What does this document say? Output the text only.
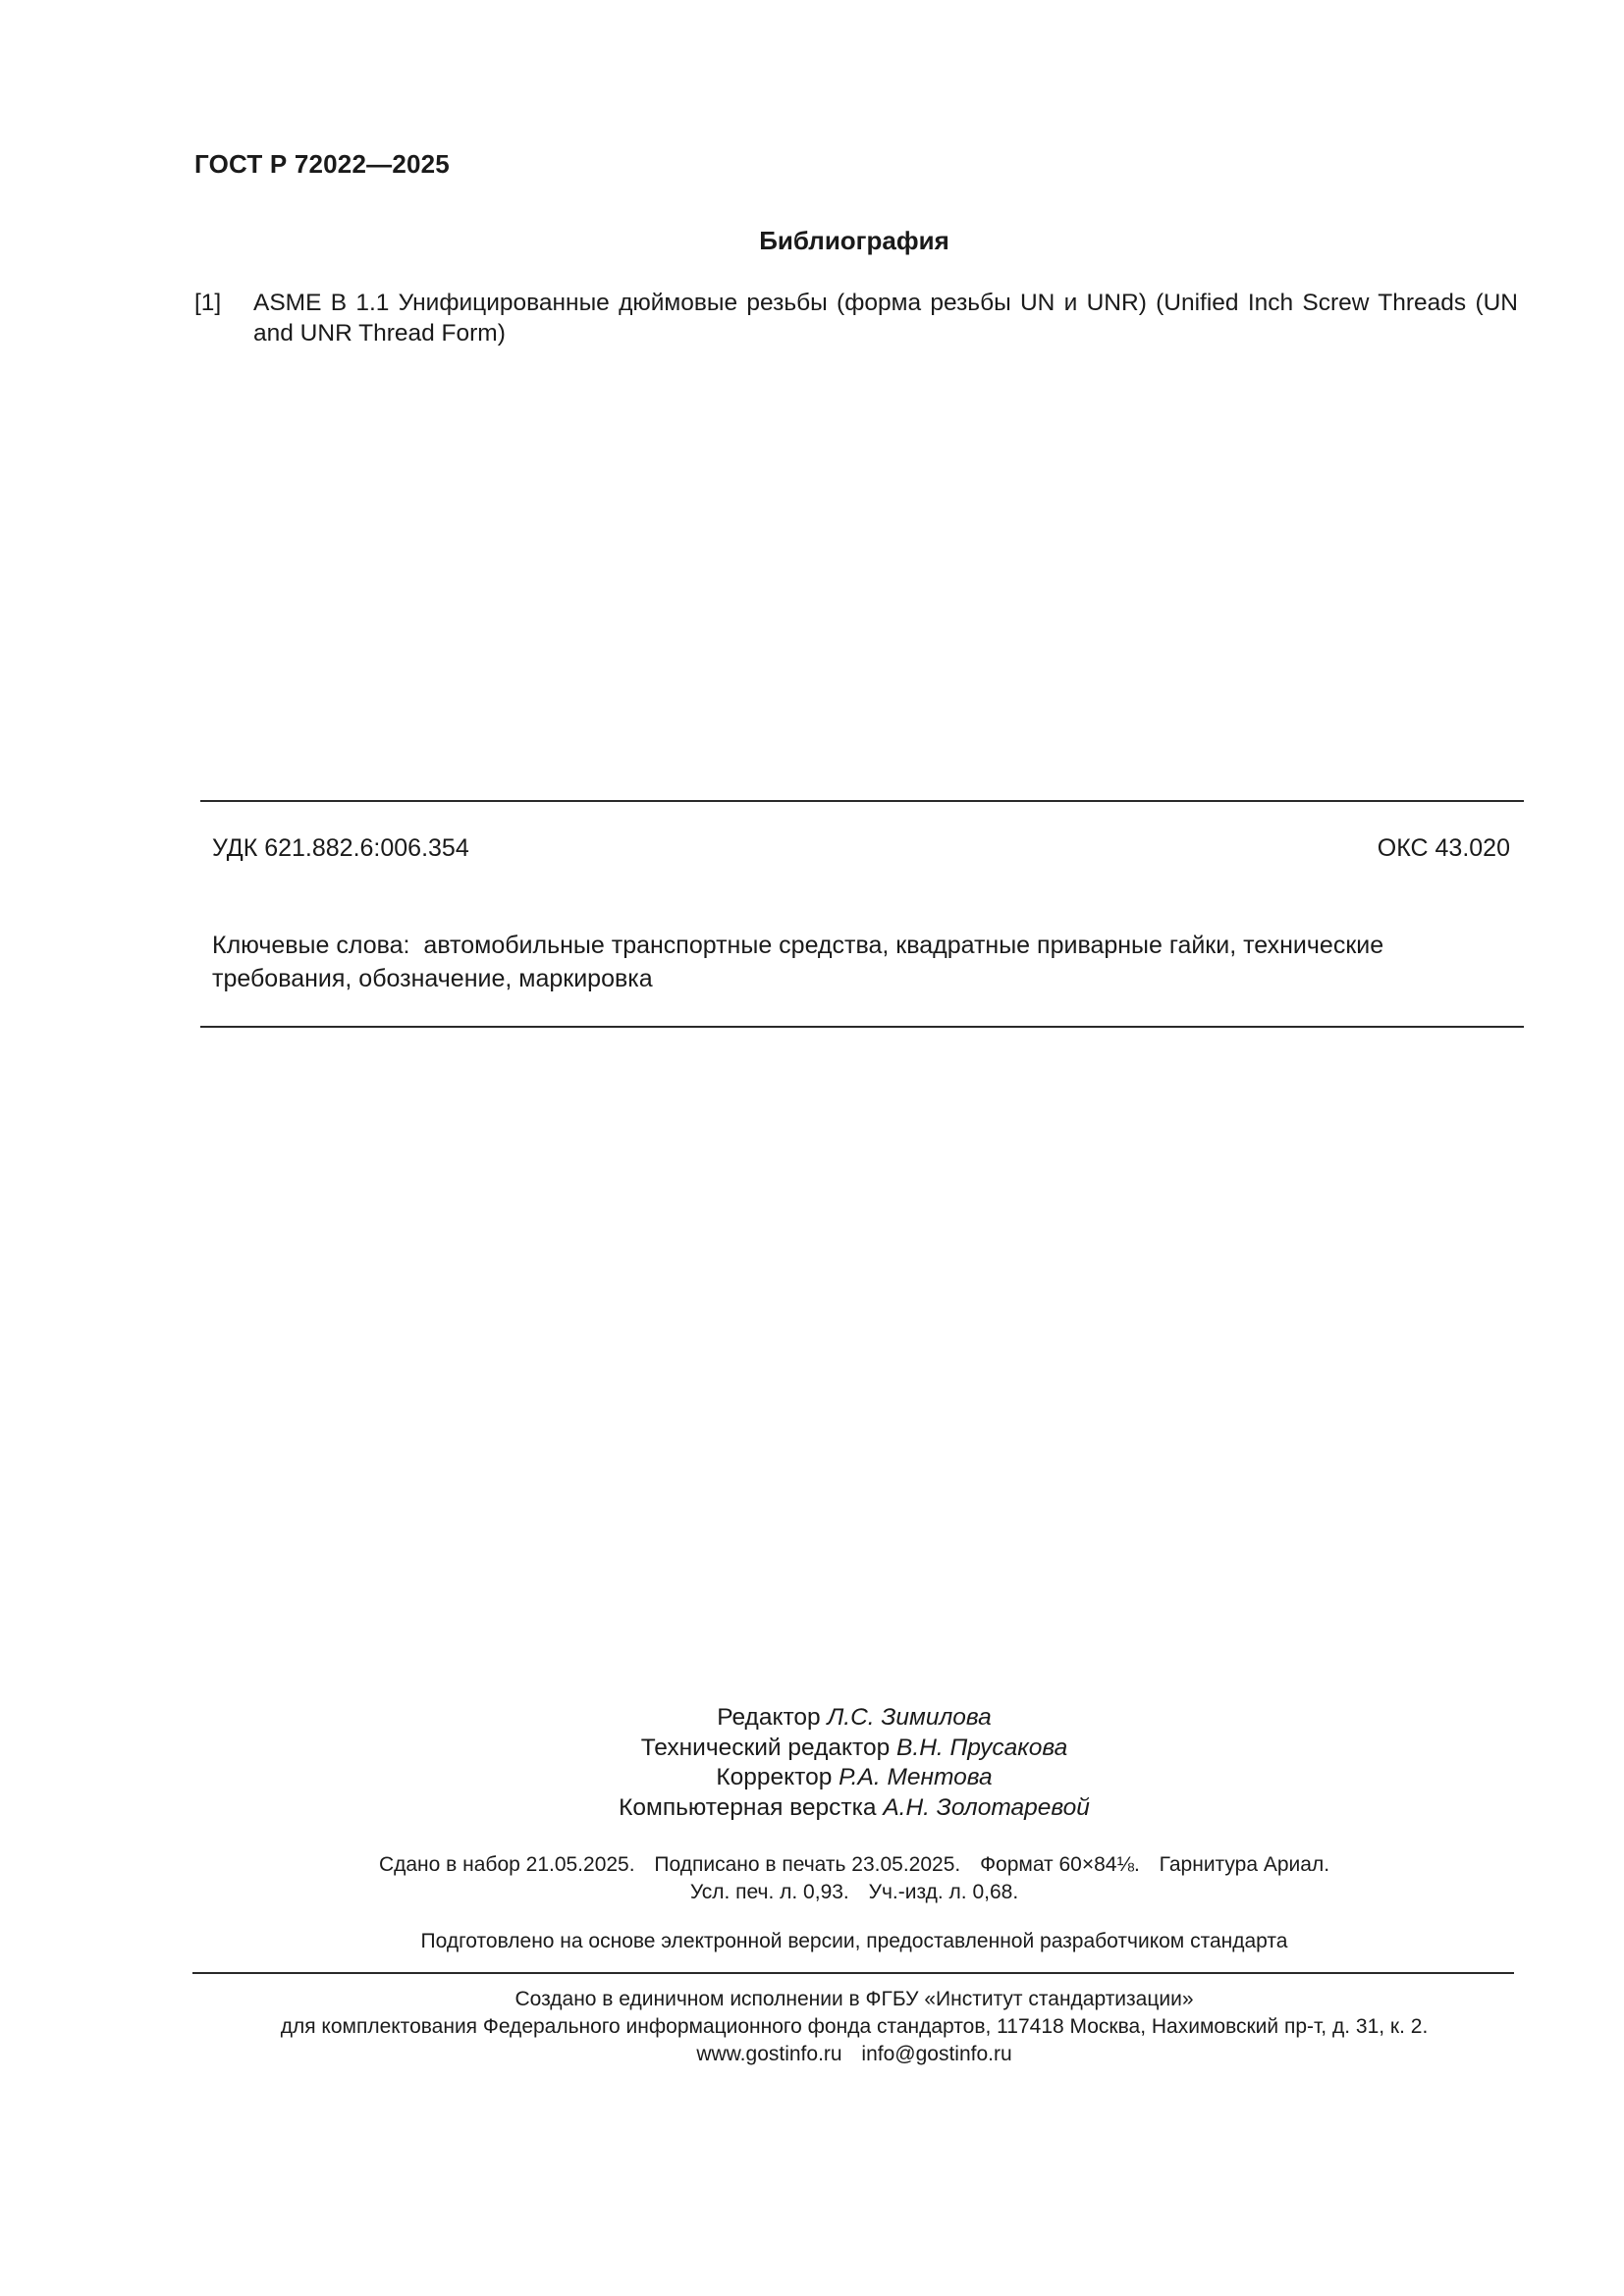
ГОСТ Р 72022—2025
Библиография
[1] ASME B 1.1 Унифицированные дюймовые резьбы (форма резьбы UN и UNR) (Unified Inch Screw Threads (UN and UNR Thread Form)
УДК 621.882.6:006.354	ОКС 43.020
Ключевые слова: автомобильные транспортные средства, квадратные приварные гайки, технические требования, обозначение, маркировка
Редактор Л.С. Зимилова
Технический редактор В.Н. Прусакова
Корректор Р.А. Ментова
Компьютерная верстка А.Н. Золотаревой
Сдано в набор 21.05.2025. Подписано в печать 23.05.2025. Формат 60×84⅛. Гарнитура Ариал.
Усл. печ. л. 0,93. Уч.-изд. л. 0,68.
Подготовлено на основе электронной версии, предоставленной разработчиком стандарта
Создано в единичном исполнении в ФГБУ «Институт стандартизации»
для комплектования Федерального информационного фонда стандартов, 117418 Москва, Нахимовский пр-т, д. 31, к. 2.
www.gostinfo.ru info@gostinfo.ru
